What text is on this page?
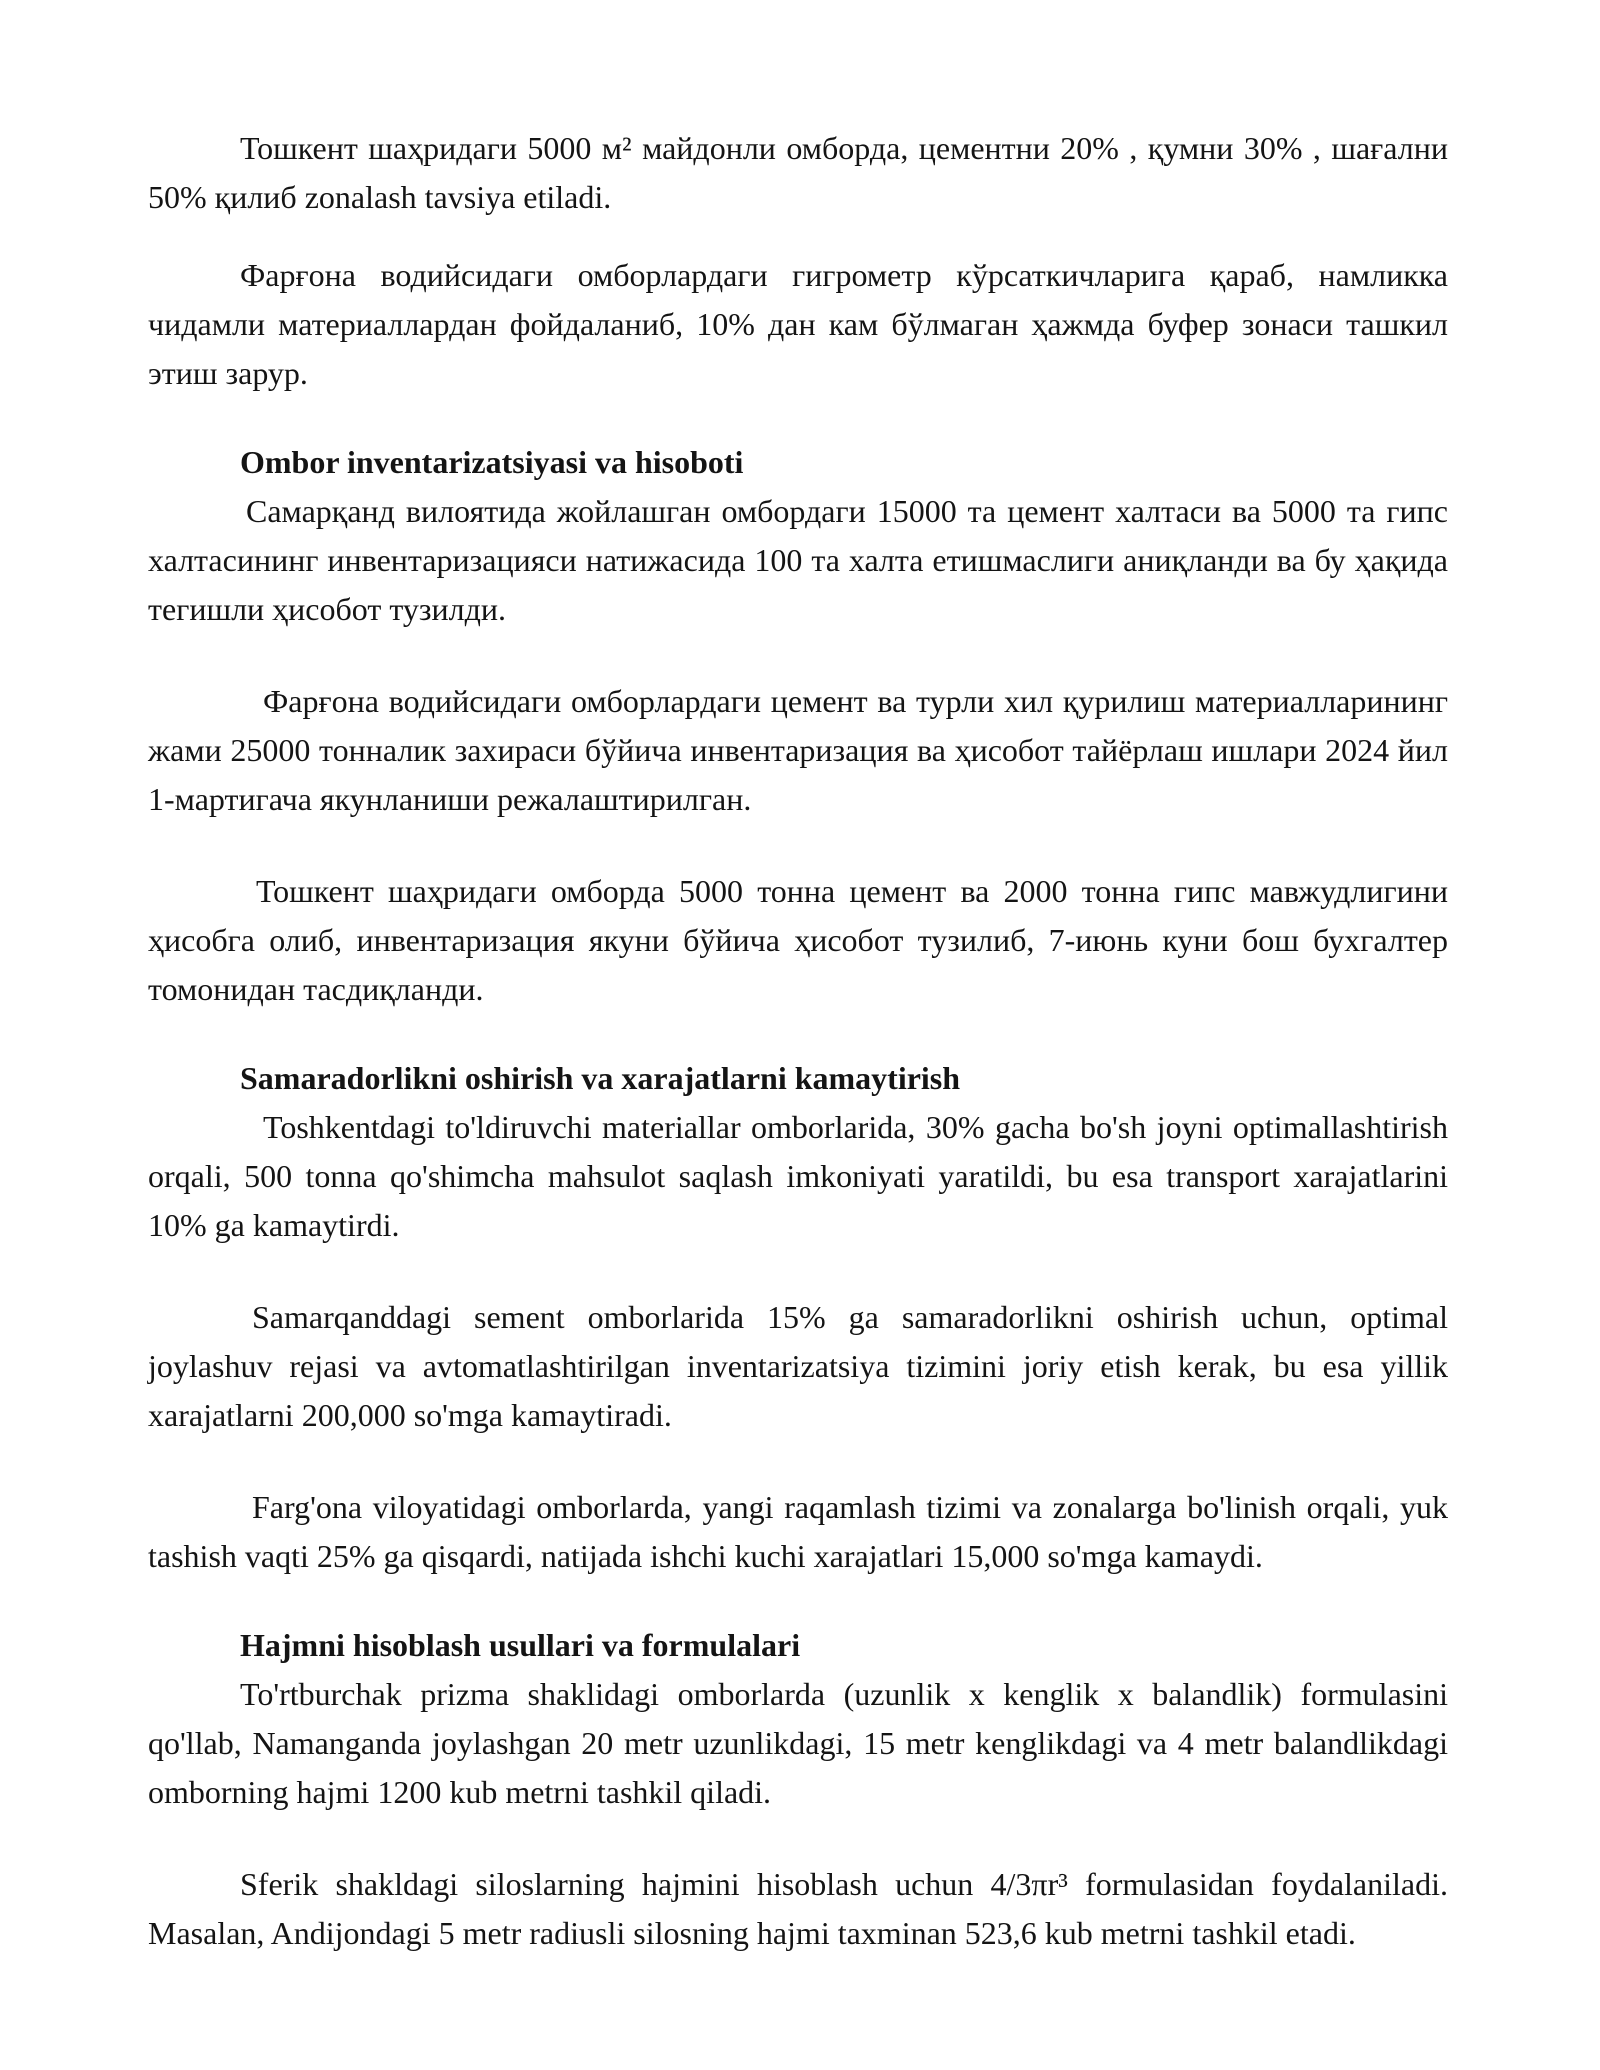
Тошкент шаҳридаги 5000 м² майдонли омборда, цементни 20% , қумни 30% , шағални 50% қилиб zonalash tavsiya etiladi.

Фарғона водийсидаги омборлардаги гигрометр кўрсаткичларига қараб, намликка чидамли материаллардан фойдаланиб, 10% дан кам бўлмаган ҳажмда буфер зонаси ташкил этиш зарур.

Ombor inventarizatsiyasi va hisoboti

Самарқанд вилоятида жойлашган омбордаги 15000 та цемент халтаси ва 5000 та гипс халтасининг инвентаризацияси натижасида 100 та халта етишмаслиги аниқланди ва бу ҳақида тегишли ҳисобот тузилди.

Фарғона водийсидаги омборлардаги цемент ва турли хил қурилиш материалларининг жами 25000 тонналик захираси бўйича инвентаризация ва ҳисобот тайёрлаш ишлари 2024 йил 1-мартигача якунланиши режалаштирилган.

Тошкент шаҳридаги омборда 5000 тонна цемент ва 2000 тонна гипс мавжудлигини ҳисобга олиб, инвентаризация якуни бўйича ҳисобот тузилиб, 7-июнь куни бош бухгалтер томонидан тасдиқланди.

Samaradorlikni oshirish va xarajatlarni kamaytirish

Toshkentdagi to'ldiruvchi materiallar omborlarida, 30% gacha bo'sh joyni optimallashtirish orqali, 500 tonna qo'shimcha mahsulot saqlash imkoniyati yaratildi, bu esa transport xarajatlarini 10% ga kamaytirdi.

Samarqanddagi sement omborlarida 15% ga samaradorlikni oshirish uchun, optimal joylashuv rejasi va avtomatlashtirilgan inventarizatsiya tizimini joriy etish kerak, bu esa yillik xarajatlarni 200,000 so'mga kamaytiradi.

Farg'ona viloyatidagi omborlarda, yangi raqamlash tizimi va zonalarga bo'linish orqali, yuk tashish vaqti 25% ga qisqardi, natijada ishchi kuchi xarajatlari 15,000 so'mga kamaydi.

Hajmni hisoblash usullari va formulalari

To'rtburchak prizma shaklidagi omborlarda (uzunlik x kenglik x balandlik) formulasini qo'llab, Namanganda joylashgan 20 metr uzunlikdagi, 15 metr kenglikdagi va 4 metr balandlikdagi omborning hajmi 1200 kub metrni tashkil qiladi.

Sferik shakldagi siloslarning hajmini hisoblash uchun 4/3πr³ formulasidan foydalaniladi. Masalan, Andijondagi 5 metr radiusli silosning hajmi taxminan 523,6 kub metrni tashkil etadi.
